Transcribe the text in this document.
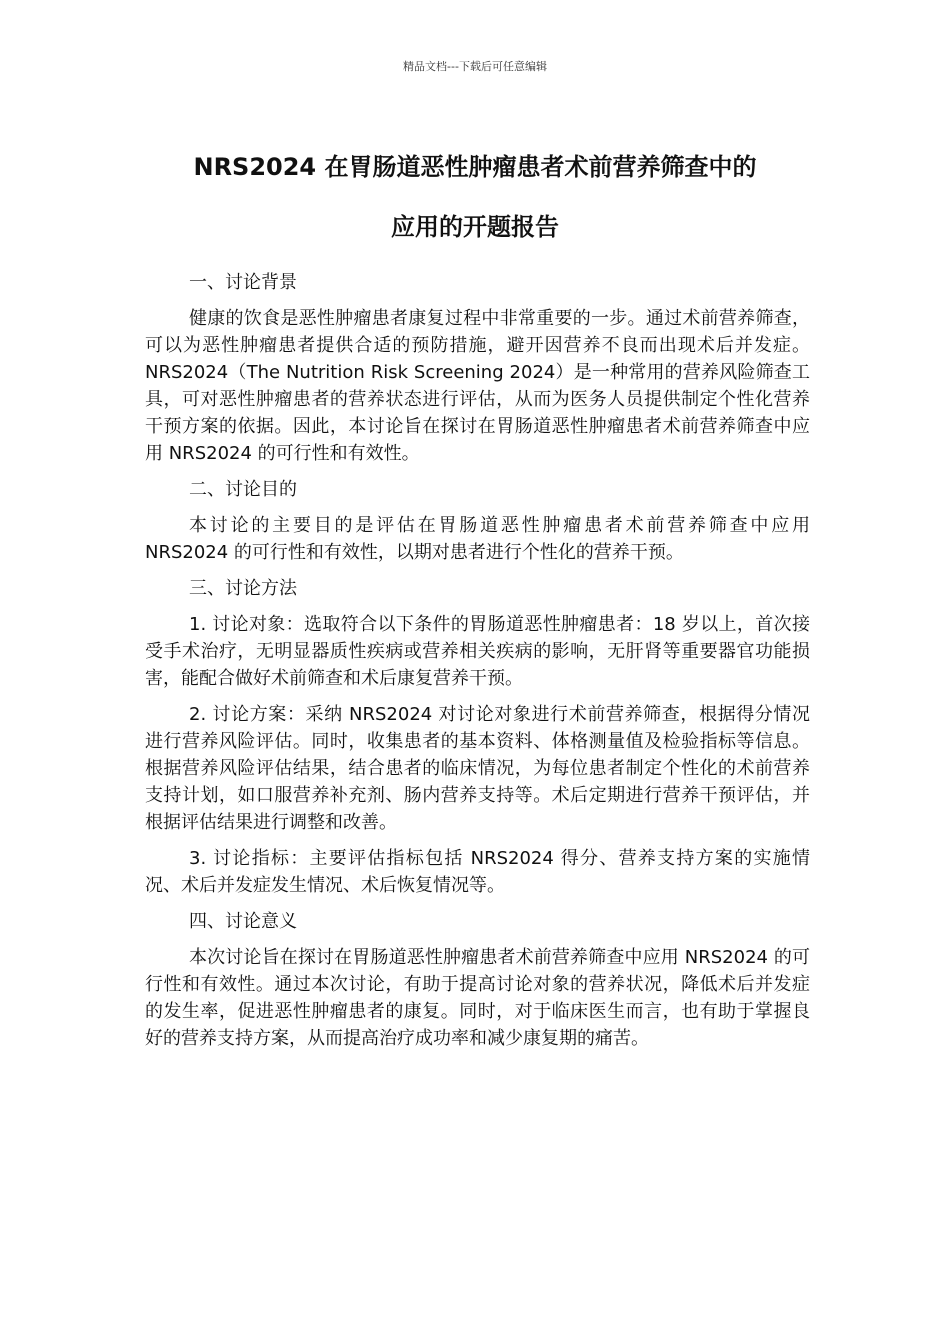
精品文档---下载后可任意编辑
NRS2024 在胃肠道恶性肿瘤患者术前营养筛查中的
应用的开题报告
一、讨论背景
健康的饮食是恶性肿瘤患者康复过程中非常重要的一步。通过术前营养筛查，可以为恶性肿瘤患者提供合适的预防措施，避开因营养不良而出现术后并发症。NRS2024（The Nutrition Risk Screening 2024）是一种常用的营养风险筛查工具，可对恶性肿瘤患者的营养状态进行评估，从而为医务人员提供制定个性化营养干预方案的依据。因此，本讨论旨在探讨在胃肠道恶性肿瘤患者术前营养筛查中应用 NRS2024 的可行性和有效性。
二、讨论目的
本讨论的主要目的是评估在胃肠道恶性肿瘤患者术前营养筛查中应用 NRS2024 的可行性和有效性，以期对患者进行个性化的营养干预。
三、讨论方法
1. 讨论对象：选取符合以下条件的胃肠道恶性肿瘤患者：18 岁以上，首次接受手术治疗，无明显器质性疾病或营养相关疾病的影响，无肝肾等重要器官功能损害，能配合做好术前筛查和术后康复营养干预。
2. 讨论方案：采纳 NRS2024 对讨论对象进行术前营养筛查，根据得分情况进行营养风险评估。同时，收集患者的基本资料、体格测量值及检验指标等信息。根据营养风险评估结果，结合患者的临床情况，为每位患者制定个性化的术前营养支持计划，如口服营养补充剂、肠内营养支持等。术后定期进行营养干预评估，并根据评估结果进行调整和改善。
3. 讨论指标：主要评估指标包括 NRS2024 得分、营养支持方案的实施情况、术后并发症发生情况、术后恢复情况等。
四、讨论意义
本次讨论旨在探讨在胃肠道恶性肿瘤患者术前营养筛查中应用 NRS2024 的可行性和有效性。通过本次讨论，有助于提高讨论对象的营养状况，降低术后并发症的发生率，促进恶性肿瘤患者的康复。同时，对于临床医生而言，也有助于掌握良好的营养支持方案，从而提高治疗成功率和减少康复期的痛苦。
